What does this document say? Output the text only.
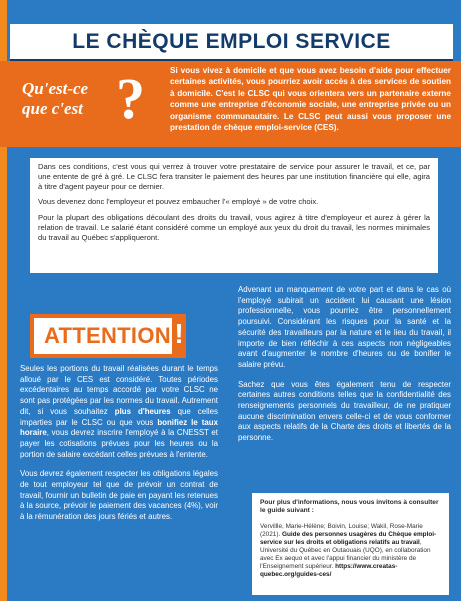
LE CHÈQUE EMPLOI SERVICE
Qu'est-ce
que c'est ?	Si vous vivez à domicile et que vous avez besoin d'aide pour effectuer certaines activités, vous pourriez avoir accès à des services de soutien à domicile. C'est le CLSC qui vous orientera vers un partenaire externe comme une entreprise d'économie sociale, une entreprise privée ou un organisme communautaire. Le CLSC peut aussi vous proposer une prestation de chèque emploi-service (CES).

Dans ces conditions, c'est vous qui verrez à trouver votre prestataire de service pour assurer le travail, et ce, par une entente de gré à gré. Le CLSC fera transiter le paiement des heures par une institution financière qui elle, agira à titre d'agent payeur pour ce dernier.

Vous devenez donc l'employeur et pouvez embaucher l'« employé » de votre choix.

Pour la plupart des obligations découlant des droits du travail, vous agirez à titre d'employeur et aurez à gérer la relation de travail. Le salarié étant considéré comme un employé aux yeux du droit du travail, les normes minimales du travail au Québec s'appliqueront.

ATTENTION !

Seules les portions du travail réalisées durant le temps alloué par le CES est considéré. Toutes périodes excédentaires au temps accordé par votre CLSC ne sont pas protégées par les normes du travail. Autrement dit, si vous souhaitez plus d'heures que celles imparties par le CLSC ou que vous bonifiez le taux horaire, vous devrez inscrire l'employé à la CNESST et payer les cotisations prévues pour les heures ou la portion de salaire excédant celles prévues à l'entente.

Vous devrez également respecter les obligations légales de tout employeur tel que de prévoir un contrat de travail, fournir un bulletin de paie en payant les retenues à la source, prévoir le paiement des vacances (4%), voir à la rémunération des jours fériés et autres.

Advenant un manquement de votre part et dans le cas où l'employé subirait un accident lui causant une lésion professionnelle, vous pourriez être personnellement poursuivi. Considérant les risques pour la santé et la sécurité des travailleurs par la nature et le lieu du travail, il importe de bien réfléchir à ces aspects non négligeables avant d'augmenter le nombre d'heures ou de bonifier le salaire prévu.

Sachez que vous êtes également tenu de respecter certaines autres conditions telles que la confidentialité des renseignements personnels du travailleur, de ne pratiquer aucune discrimination envers celle-ci et de vous conformer aux aspects relatifs de la Charte des droits et libertés de la personne.

Pour plus d'informations, nous vous invitons à consulter le guide suivant :
Vervillle, Marie-Hélène; Boivin, Louise; Wakil, Rose-Marie (2021). Guide des personnes usagères du Chèque emploi-service sur les droits et obligations relatifs au travail, Université du Québec en Outaouais (UQO), en collaboration avec Ex aequo et avec l'appui financier du ministère de l'Enseignement supérieur. https://www.creatas-quebec.org/guides-ces/
